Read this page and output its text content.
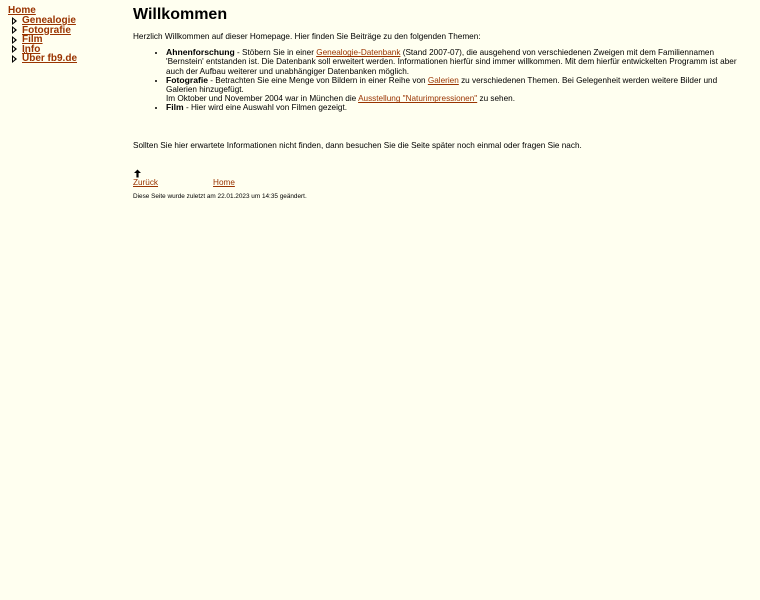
Home
Genealogie
Fotografie
Film
Info
Über fb9.de
Willkommen

Herzlich Willkommen auf dieser Homepage. Hier finden Sie Beiträge zu den folgenden Themen:

• Ahnenforschung - Stöbern Sie in einer Genealogie-Datenbank (Stand 2007-07), die ausgehend von verschiedenen Zweigen mit dem Familiennamen 'Bernstein' entstanden ist. Die Datenbank soll erweitert werden. Informationen hierfür sind immer willkommen. Mit dem hierfür entwickelten Programm ist aber auch der Aufbau weiterer und unabhängiger Datenbanken möglich.
• Fotografie - Betrachten Sie eine Menge von Bildern in einer Reihe von Galerien zu verschiedenen Themen. Bei Gelegenheit werden weitere Bilder und Galerien hinzugefügt.
Im Oktober und November 2004 war in München die Ausstellung "Naturimpressionen" zu sehen.
• Film - Hier wird eine Auswahl von Filmen gezeigt.

Sollten Sie hier erwartete Informationen nicht finden, dann besuchen Sie die Seite später noch einmal oder fragen Sie nach.

Zurück	Home
Diese Seite wurde zuletzt am 22.01.2023 um 14:35 geändert.
